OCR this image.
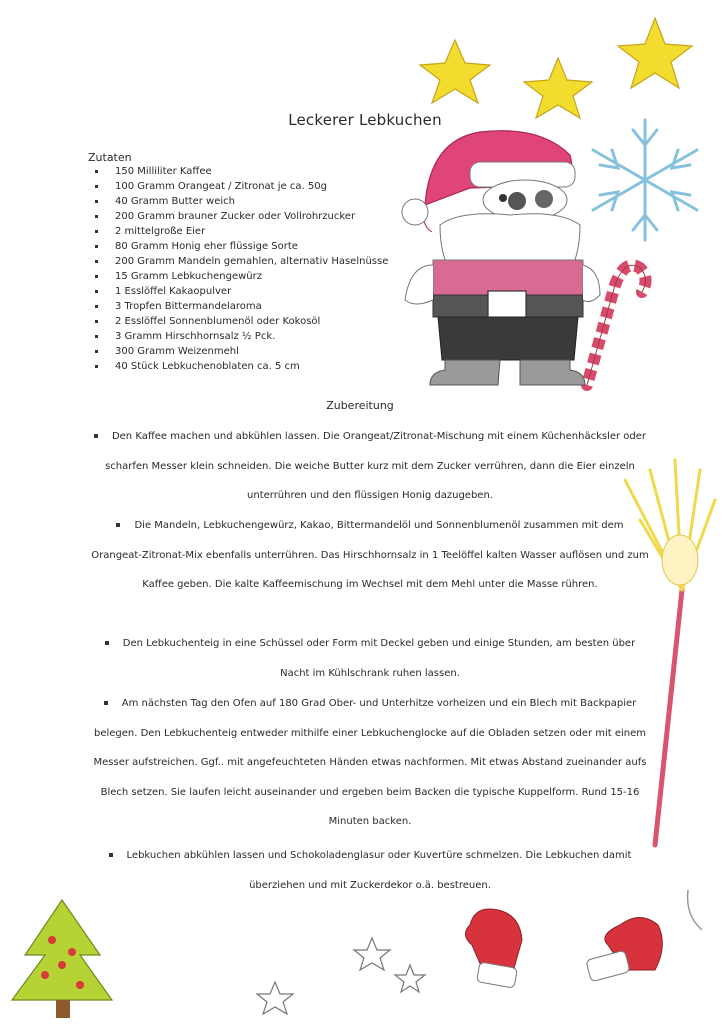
Leckerer Lebkuchen
Zutaten
150 Milliliter Kaffee
100 Gramm Orangeat / Zitronat je ca. 50g
40 Gramm Butter weich
200 Gramm brauner Zucker oder Vollrohrzucker
2 mittelgroße Eier
80 Gramm Honig eher flüssige Sorte
200 Gramm Mandeln gemahlen, alternativ Haselnüsse
15 Gramm Lebkuchengewürz
1 Esslöffel Kakaopulver
3 Tropfen Bittermandelaroma
2 Esslöffel Sonnenblumenöl oder Kokosöl
3 Gramm Hirschhornsalz ½ Pck.
300 Gramm Weizenmehl
40 Stück Lebkuchenoblaten ca. 5 cm
Zubereitung

Den Kaffee machen und abkühlen lassen. Die Orangeat/Zitronat-Mischung mit einem Küchenhäcksler oder scharfen Messer klein schneiden. Die weiche Butter kurz mit dem Zucker verrühren, dann die Eier einzeln unterrühren und den flüssigen Honig dazugeben.

Die Mandeln, Lebkuchengewürz, Kakao, Bittermandelöl und Sonnenblumenöl zusammen mit dem Orangeat-Zitronat-Mix ebenfalls unterrühren. Das Hirschhornsalz in 1 Teelöffel kalten Wasser auflösen und zum Kaffee geben. Die kalte Kaffeemischung im Wechsel mit dem Mehl unter die Masse rühren.

Den Lebkuchenteig in eine Schüssel oder Form mit Deckel geben und einige Stunden, am besten über Nacht im Kühlschrank ruhen lassen.

Am nächsten Tag den Ofen auf 180 Grad Ober- und Unterhitze vorheizen und ein Blech mit Backpapier belegen. Den Lebkuchenteig entweder mithilfe einer Lebkuchenglocke auf die Obladen setzen oder mit einem Messer aufstreichen. Ggf.. mit angefeuchteten Händen etwas nachformen. Mit etwas Abstand zueinander aufs Blech setzen. Sie laufen leicht auseinander und ergeben beim Backen die typische Kuppelform. Rund 15-16 Minuten backen.

Lebkuchen abkühlen lassen und Schokoladenglasur oder Kuvertüre schmelzen. Die Lebkuchen damit überziehen und mit Zuckerdekor o.ä. bestreuen.
